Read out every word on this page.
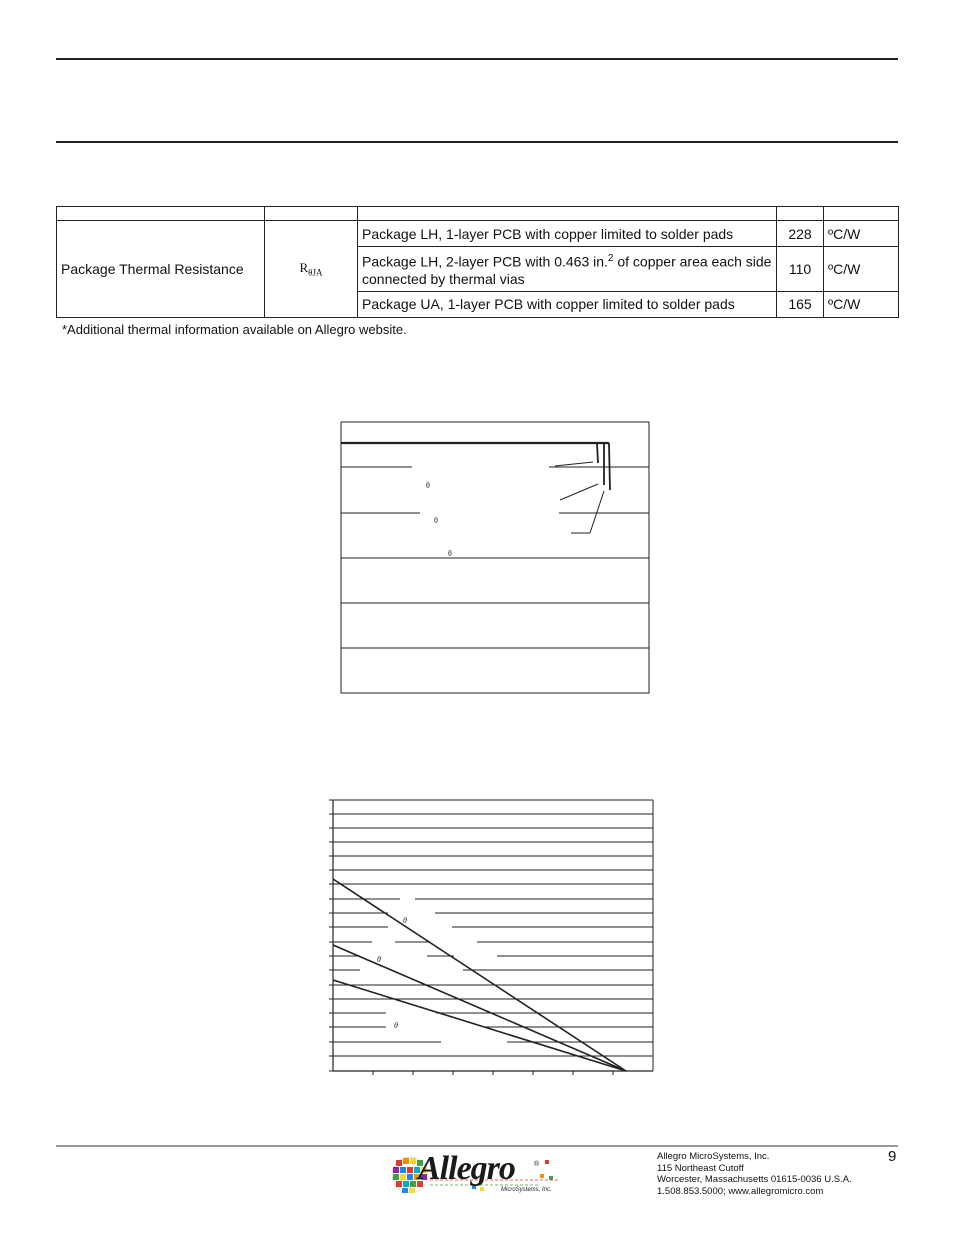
Package Thermal Resistance	$R_{\theta JA}$	Package LH, 1-layer PCB with copper limited to solder pads	228	ºC/W
		Package LH, 2-layer PCB with 0.463 in.$^2$ of copper area each side connected by thermal vias	110	ºC/W
		Package UA, 1-layer PCB with copper limited to solder pads	165	ºC/W
*Additional thermal information available on Allegro website.
θ
θ
θ
θ
θ
θ
Allegro	®
MicroSystems, Inc.
Allegro MicroSystems, Inc.
115 Northeast Cutoff
Worcester, Massachusetts 01615-0036 U.S.A.
1.508.853.5000; www.allegromicro.com
9
